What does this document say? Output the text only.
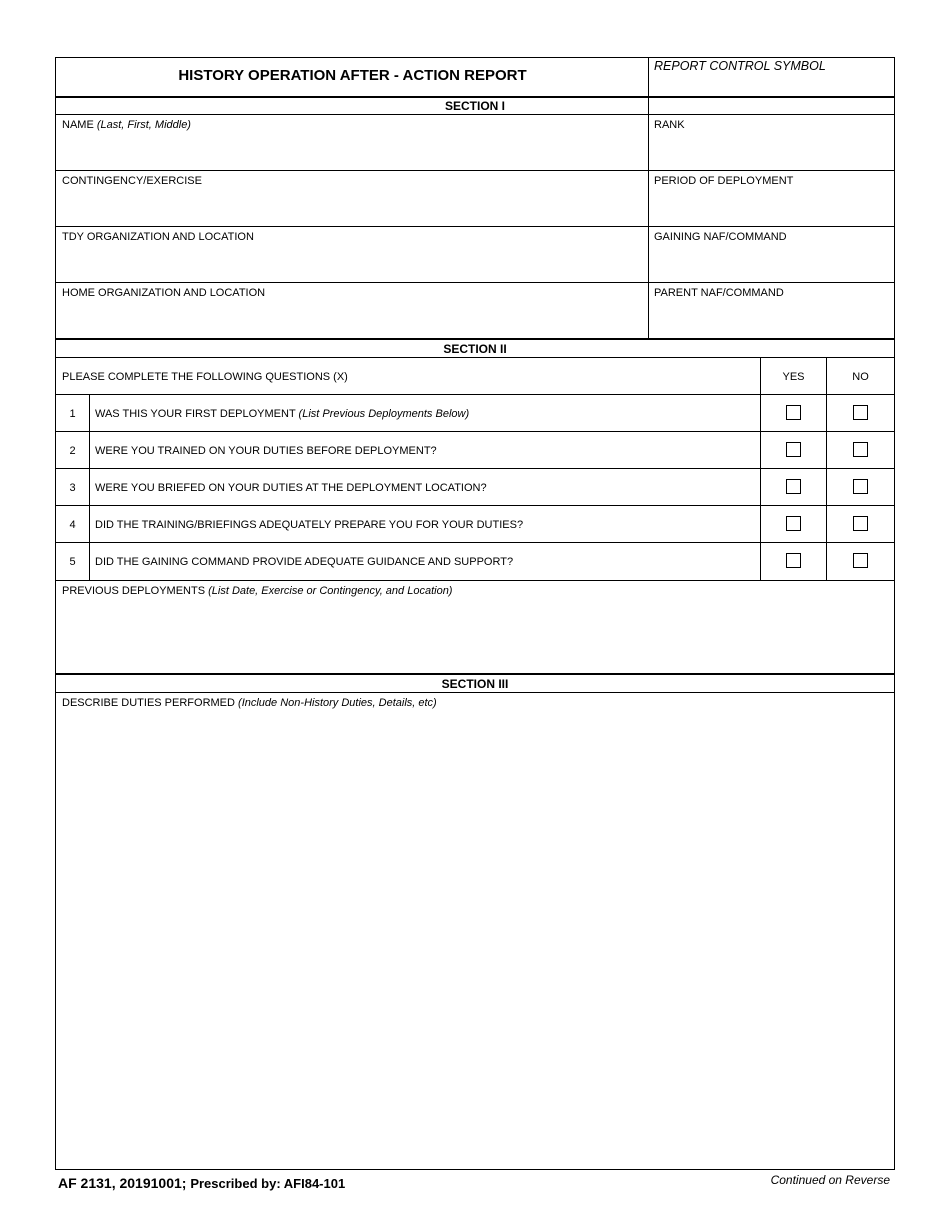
HISTORY OPERATION AFTER - ACTION REPORT
REPORT CONTROL SYMBOL
SECTION I
NAME (Last, First, Middle)	RANK
CONTINGENCY/EXERCISE	PERIOD OF DEPLOYMENT
TDY ORGANIZATION AND LOCATION	GAINING NAF/COMMAND
HOME ORGANIZATION AND LOCATION	PARENT NAF/COMMAND
SECTION II
PLEASE COMPLETE THE FOLLOWING QUESTIONS (X)	YES	NO
1	WAS THIS YOUR FIRST DEPLOYMENT (List Previous Deployments Below)
2	WERE YOU TRAINED ON YOUR DUTIES BEFORE DEPLOYMENT?
3	WERE YOU BRIEFED ON YOUR DUTIES AT THE DEPLOYMENT LOCATION?
4	DID THE TRAINING/BRIEFINGS ADEQUATELY PREPARE YOU FOR YOUR DUTIES?
5	DID THE GAINING COMMAND PROVIDE ADEQUATE GUIDANCE AND SUPPORT?
PREVIOUS DEPLOYMENTS (List Date, Exercise or Contingency, and Location)
SECTION III
DESCRIBE DUTIES PERFORMED (Include Non-History Duties, Details, etc)
AF 2131, 20191001; Prescribed by: AFI84-101	Continued on Reverse
